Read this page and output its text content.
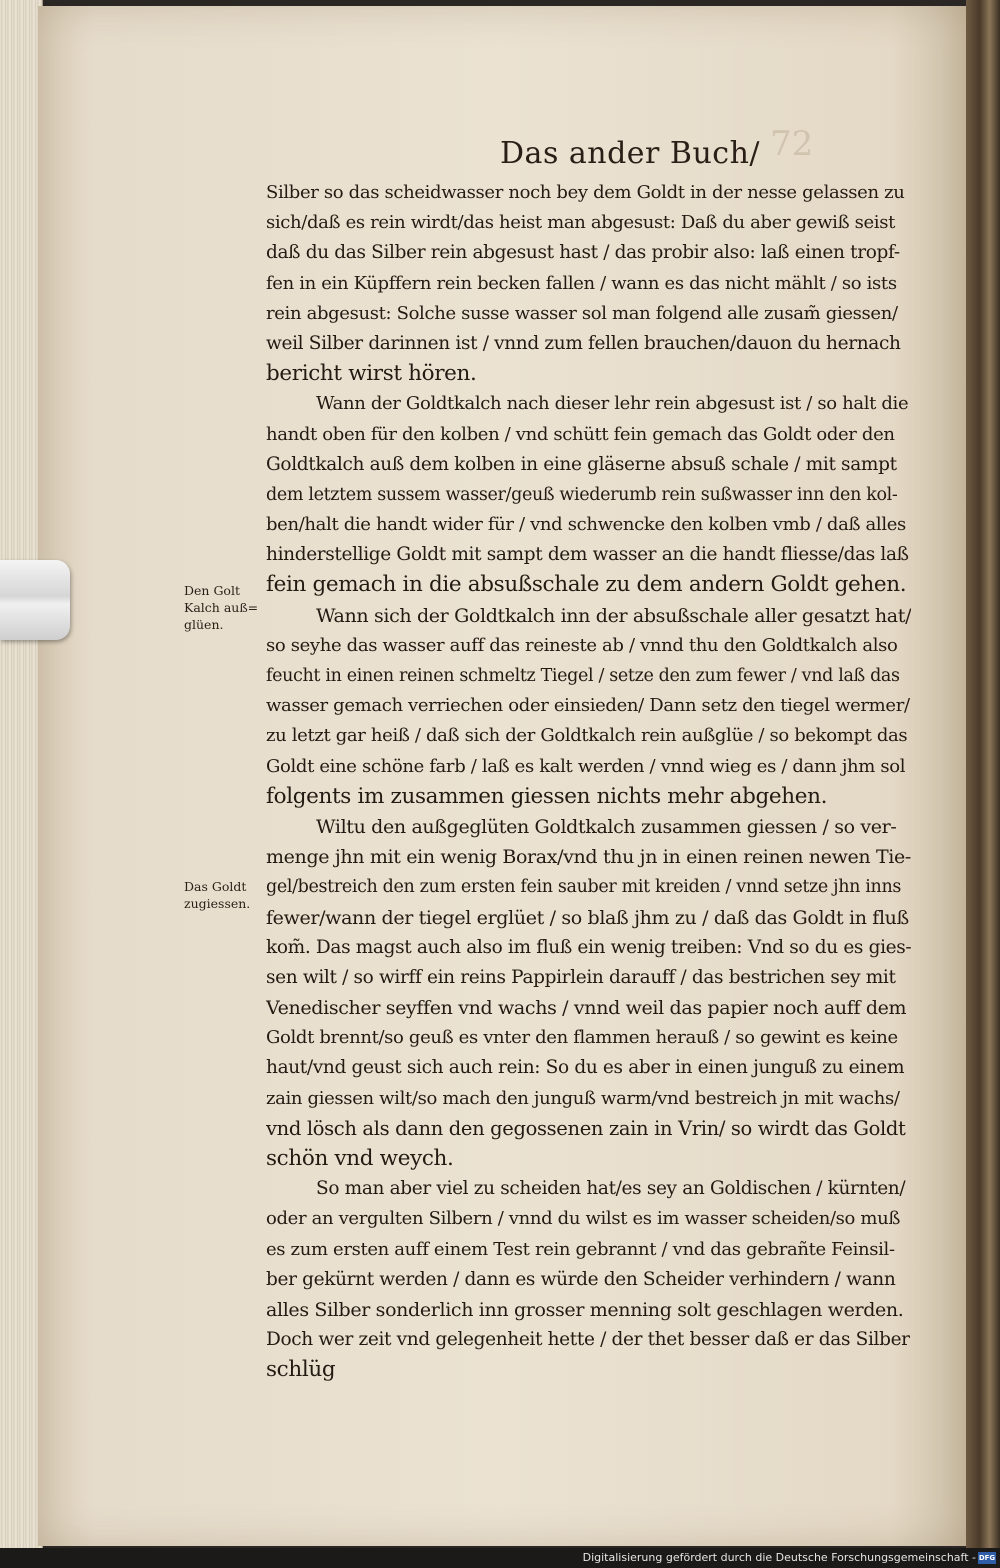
72
Das ander Buch/
Den Golt
Kalch auß=
glüen.
Das Goldt
zugiessen.
Silber so das scheidwasser noch bey dem Goldt in der nesse gelassen zu
sich/daß es rein wirdt/das heist man abgesust: Daß du aber gewiß seist
daß du das Silber rein abgesust hast / das probir also: laß einen tropf-
fen in ein Küpffern rein becken fallen / wann es das nicht mählt / so ists
rein abgesust: Solche susse wasser sol man folgend alle zusam̃ giessen/
weil Silber darinnen ist / vnnd zum fellen brauchen/dauon du hernach
bericht wirst hören.
Wann der Goldtkalch nach dieser lehr rein abgesust ist / so halt die
handt oben für den kolben / vnd schütt fein gemach das Goldt oder den
Goldtkalch auß dem kolben in eine gläserne absuß schale / mit sampt
dem letztem sussem wasser/geuß wiederumb rein sußwasser inn den kol-
ben/halt die handt wider für / vnd schwencke den kolben vmb / daß alles
hinderstellige Goldt mit sampt dem wasser an die handt fliesse/das laß
fein gemach in die absußschale zu dem andern Goldt gehen.
Wann sich der Goldtkalch inn der absußschale aller gesatzt hat/
so seyhe das wasser auff das reineste ab / vnnd thu den Goldtkalch also
feucht in einen reinen schmeltz Tiegel / setze den zum fewer / vnd laß das
wasser gemach verriechen oder einsieden/ Dann setz den tiegel wermer/
zu letzt gar heiß / daß sich der Goldtkalch rein außglüe / so bekompt das
Goldt eine schöne farb / laß es kalt werden / vnnd wieg es / dann jhm sol
folgents im zusammen giessen nichts mehr abgehen.
Wiltu den außgeglüten Goldtkalch zusammen giessen / so ver-
menge jhn mit ein wenig Borax/vnd thu jn in einen reinen newen Tie-
gel/bestreich den zum ersten fein sauber mit kreiden / vnnd setze jhn inns
fewer/wann der tiegel erglüet / so blaß jhm zu / daß das Goldt in fluß
kom̃. Das magst auch also im fluß ein wenig treiben: Vnd so du es gies-
sen wilt / so wirff ein reins Pappirlein darauff / das bestrichen sey mit
Venedischer seyffen vnd wachs / vnnd weil das papier noch auff dem
Goldt brennt/so geuß es vnter den flammen herauß / so gewint es keine
haut/vnd geust sich auch rein: So du es aber in einen junguß zu einem
zain giessen wilt/so mach den junguß warm/vnd bestreich jn mit wachs/
vnd lösch als dann den gegossenen zain in Vrin/ so wirdt das Goldt
schön vnd weych.
So man aber viel zu scheiden hat/es sey an Goldischen / kürnten/
oder an vergulten Silbern / vnnd du wilst es im wasser scheiden/so muß
es zum ersten auff einem Test rein gebrannt / vnd das gebrañte Feinsil-
ber gekürnt werden / dann es würde den Scheider verhindern / wann
alles Silber sonderlich inn grosser menning solt geschlagen werden.
Doch wer zeit vnd gelegenheit hette / der thet besser daß er das Silber
schlüg
Digitalisierung gefördert durch die Deutsche Forschungsgemeinschaft - DFG
